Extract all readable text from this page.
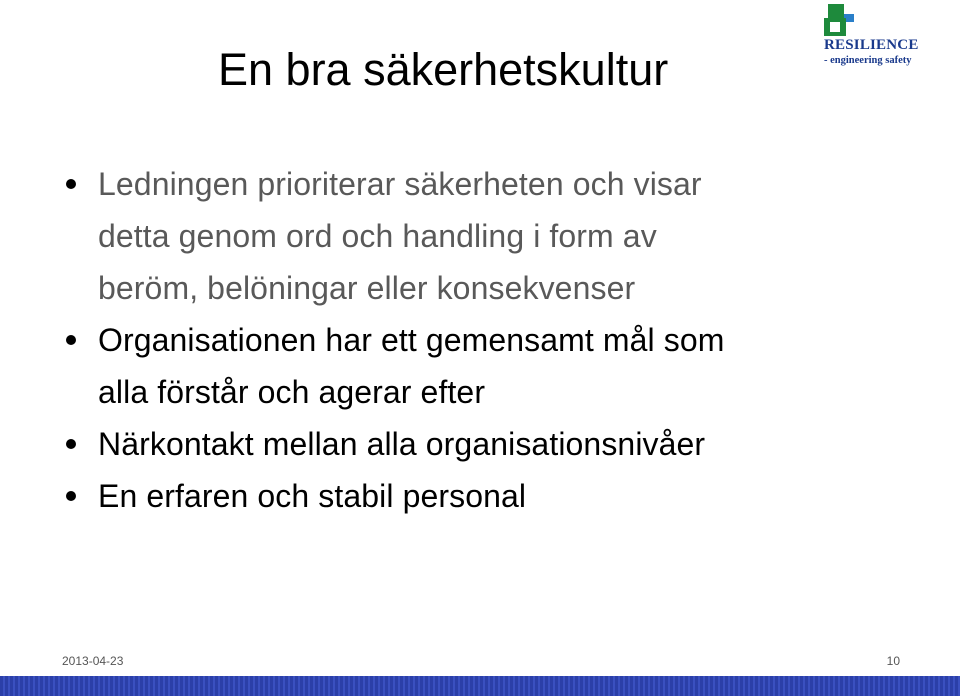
En bra säkerhetskultur	RESILIENCE
- engineering safety
Ledningen prioriterar säkerheten och visar
detta genom ord och handling i form av
beröm, belöningar eller konsekvenser
Organisationen har ett gemensamt mål som
alla förstår och agerar efter
Närkontakt mellan alla organisationsnivåer
En erfaren och stabil personal
2013-04-23	10
